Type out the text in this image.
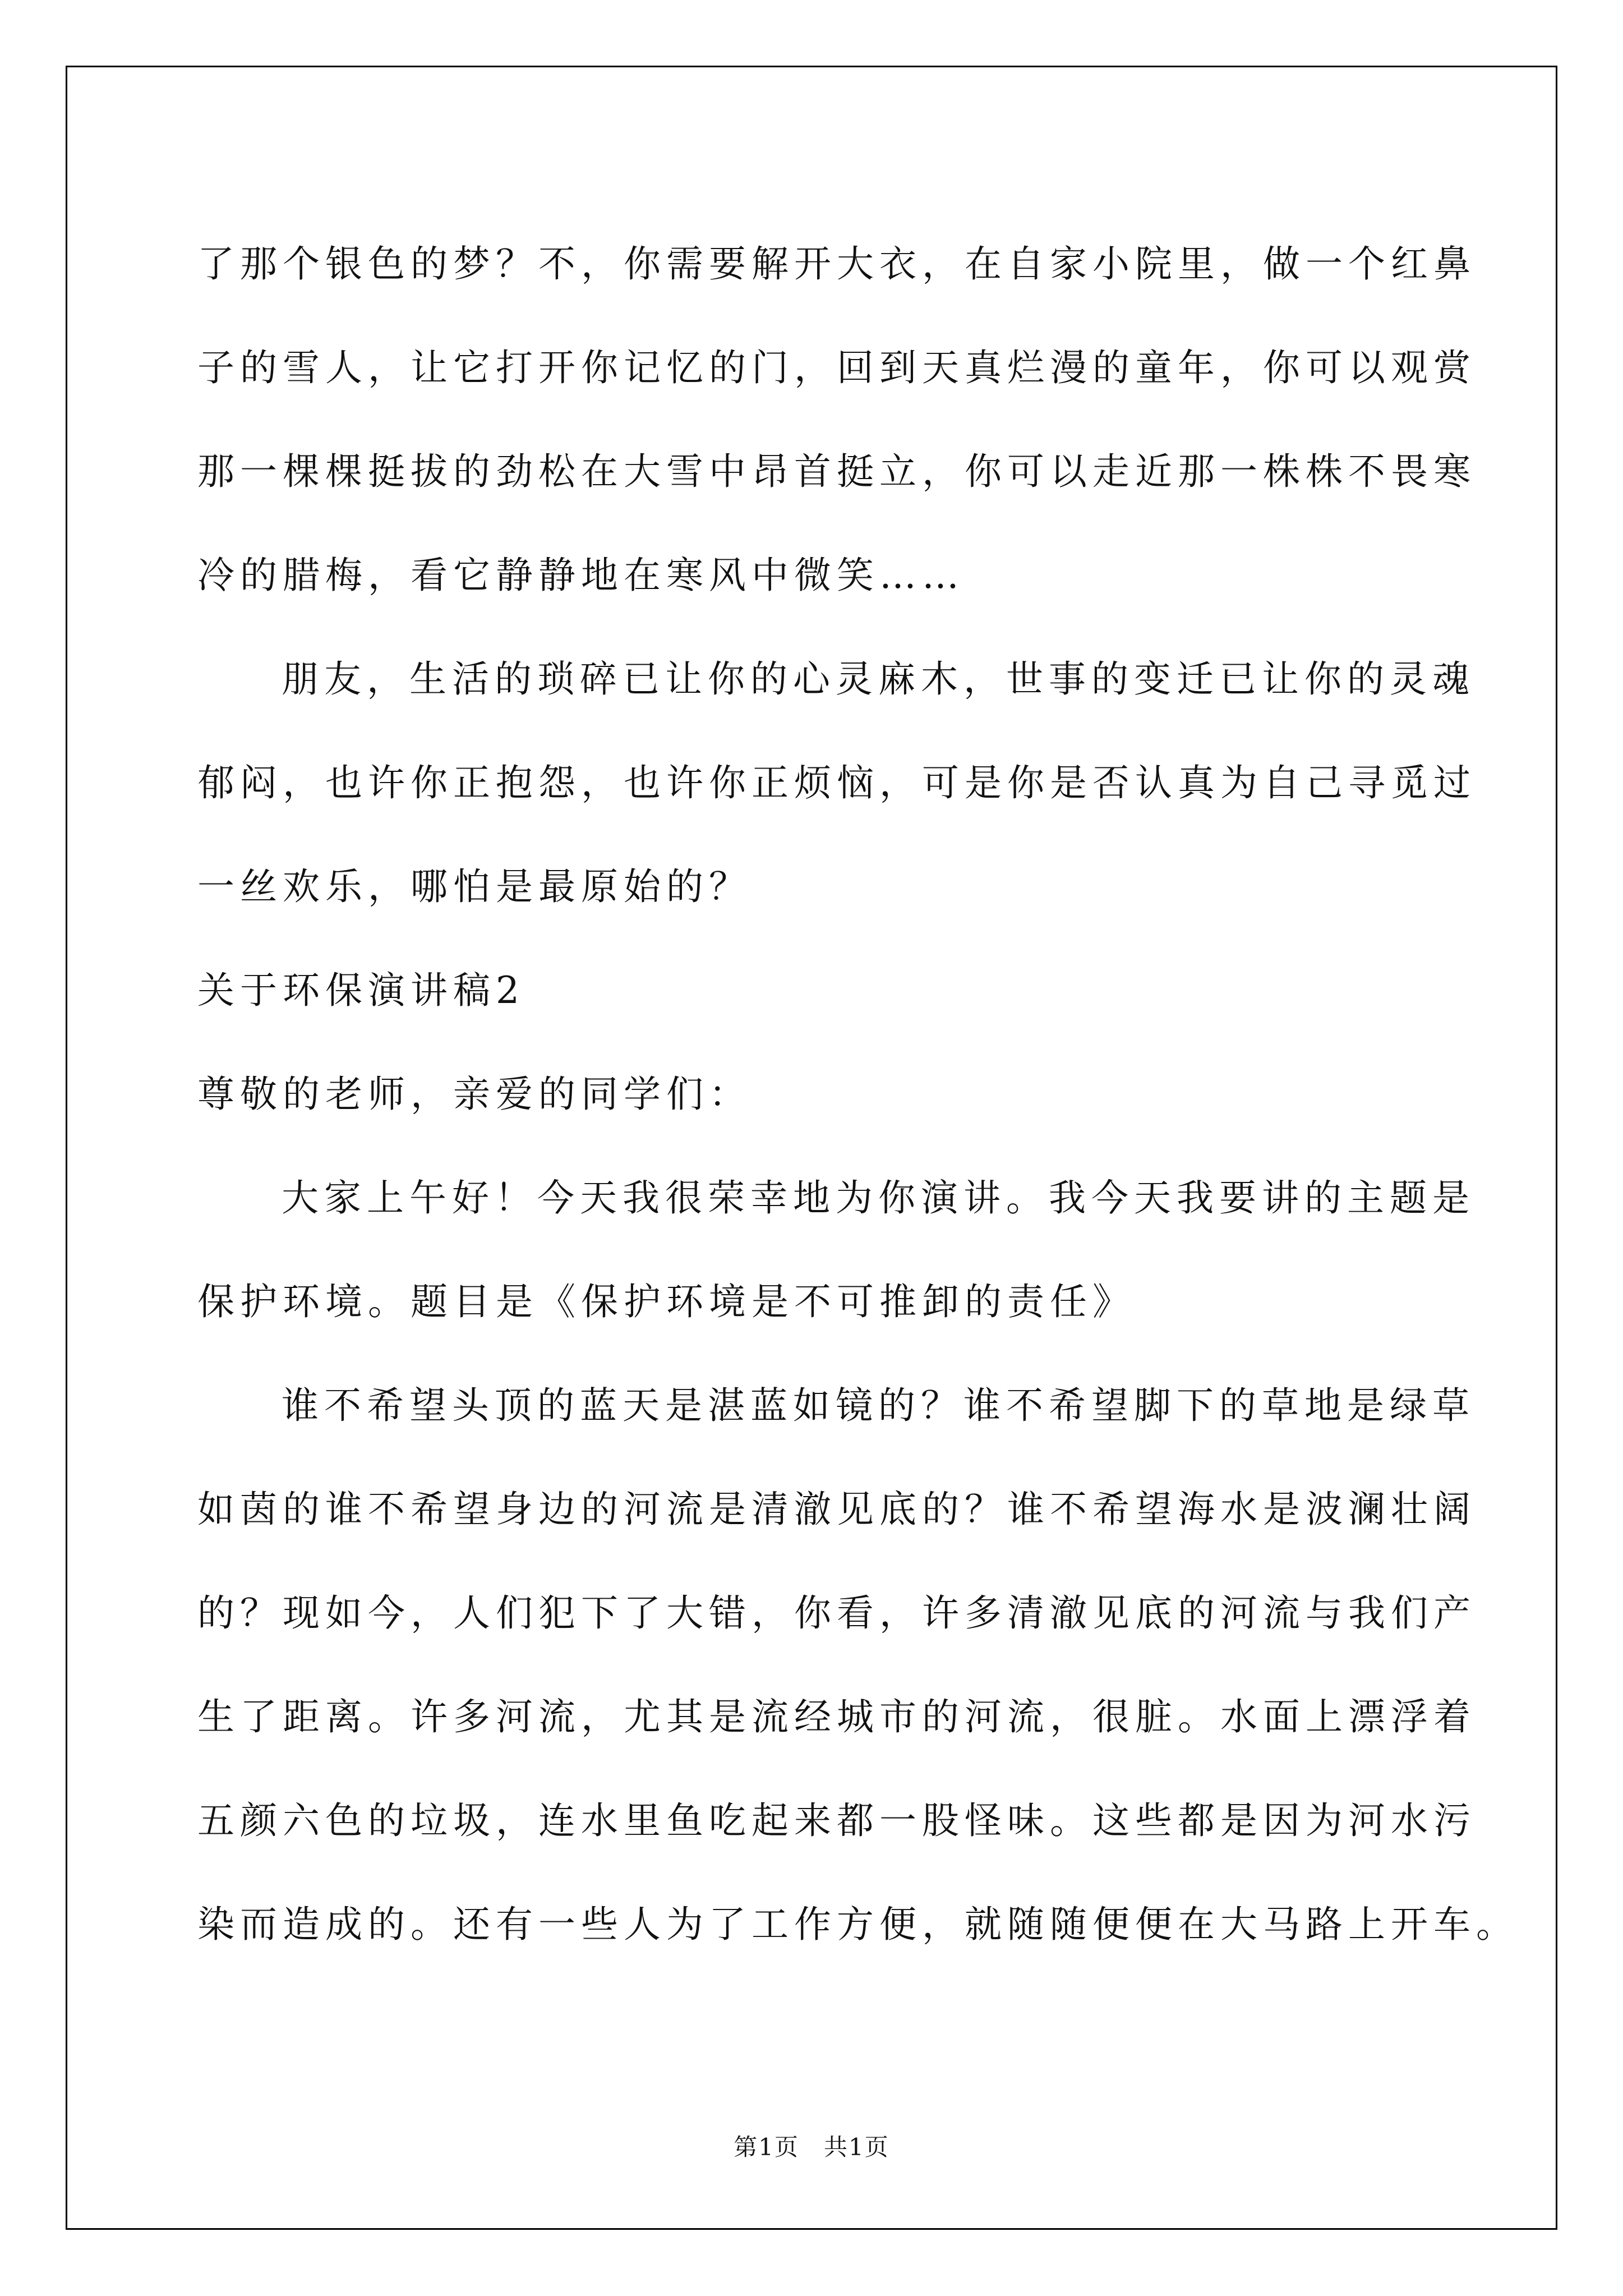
了那个银色的梦？不，你需要解开大衣，在自家小院里，做一个红鼻
子的雪人，让它打开你记忆的门，回到天真烂漫的童年，你可以观赏
那一棵棵挺拔的劲松在大雪中昂首挺立，你可以走近那一株株不畏寒
冷的腊梅，看它静静地在寒风中微笑……
朋友，生活的琐碎已让你的心灵麻木，世事的变迁已让你的灵魂
郁闷，也许你正抱怨，也许你正烦恼，可是你是否认真为自己寻觅过
一丝欢乐，哪怕是最原始的？
关于环保演讲稿2
尊敬的老师，亲爱的同学们：
大家上午好！今天我很荣幸地为你演讲。我今天我要讲的主题是
保护环境。题目是《保护环境是不可推卸的责任》
谁不希望头顶的蓝天是湛蓝如镜的？谁不希望脚下的草地是绿草
如茵的谁不希望身边的河流是清澈见底的？谁不希望海水是波澜壮阔
的？现如今，人们犯下了大错，你看，许多清澈见底的河流与我们产
生了距离。许多河流，尤其是流经城市的河流，很脏。水面上漂浮着
五颜六色的垃圾，连水里鱼吃起来都一股怪味。这些都是因为河水污
染而造成的。还有一些人为了工作方便，就随随便便在大马路上开车。
第1页　共1页
